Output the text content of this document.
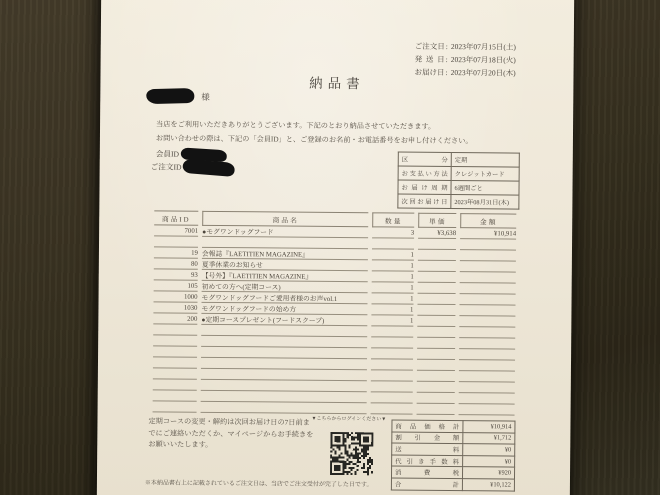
ご注文日 : 2023年07月15日(土)
発送日 : 2023年07月18日(火)
お届け日 : 2023年07月20日(木)
納品書
様
当店をご利用いただきありがとうございます。下記のとおり納品させていただきます。
お問い合わせの際は、下記の「会員ID」と、ご登録のお名前・お電話番号をお申し付けください。
会員ID
ご注文ID
区分	定期
お支払い方法	クレジットカード
お届け周期	6週間ごと
次回お届け日	2023年08月31日(木)
商品ID	商品名	数量	単価	金額
7001	●モグワンドッグフード	3	¥3,638	¥10,914

19	会報誌『LAETITIEN MAGAZINE』	1		
80	夏季休業のお知らせ	1		
93	【号外】『LAETITIEN MAGAZINE』	1		
105	初めての方へ(定期コース)	1		
1000	モグワンドッグフードご愛用者様のお声vol.1	1		
1030	モグワンドッグフードの始め方	1		
200	●定期コースプレゼント(フードスクープ)	1		

定期コースの変更・解約は次回お届け日の7日前ま
でにご連絡いただくか、マイページからお手続きを
お願いいたします。
▼こちらからログインください▼
商品価格計	¥10,914
割引金額	¥1,712
送料	¥0
代引き手数料	¥0
消費税	¥920
合計	¥10,122
※本納品書右上に記載されているご注文日は、当店でご注文受付が完了した日です。
